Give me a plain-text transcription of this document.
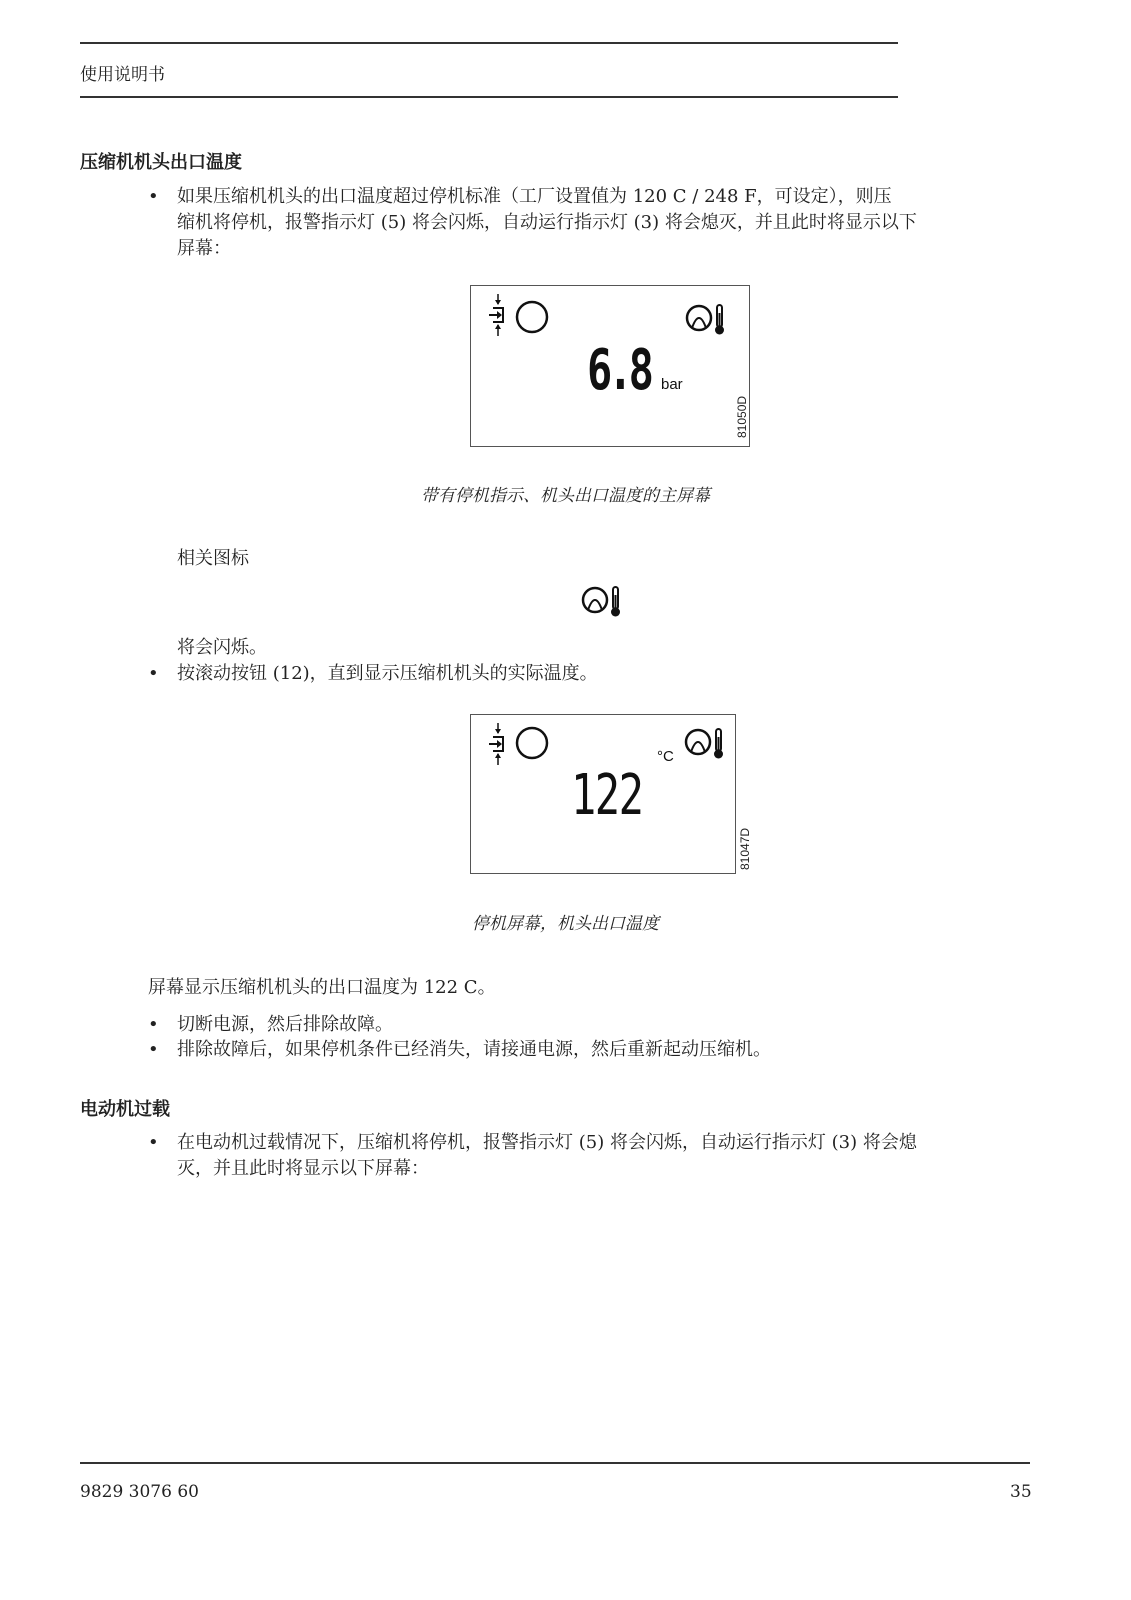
使用说明书
压缩机机头出口温度
• 如果压缩机机头的出口温度超过停机标准（工厂设置值为 120 C / 248 F，可设定），则压
缩机将停机，报警指示灯 (5) 将会闪烁，自动运行指示灯 (3) 将会熄灭，并且此时将显示以下
屏幕：
6.8 bar
81050D
带有停机指示、机头出口温度的主屏幕
相关图标
将会闪烁。
• 按滚动按钮 (12)，直到显示压缩机机头的实际温度。
°C
122
81047D
停机屏幕，机头出口温度
屏幕显示压缩机机头的出口温度为 122 C。
• 切断电源，然后排除故障。
• 排除故障后，如果停机条件已经消失，请接通电源，然后重新起动压缩机。
电动机过载
• 在电动机过载情况下，压缩机将停机，报警指示灯 (5) 将会闪烁，自动运行指示灯 (3) 将会熄
灭，并且此时将显示以下屏幕：
9829 3076 60	35
